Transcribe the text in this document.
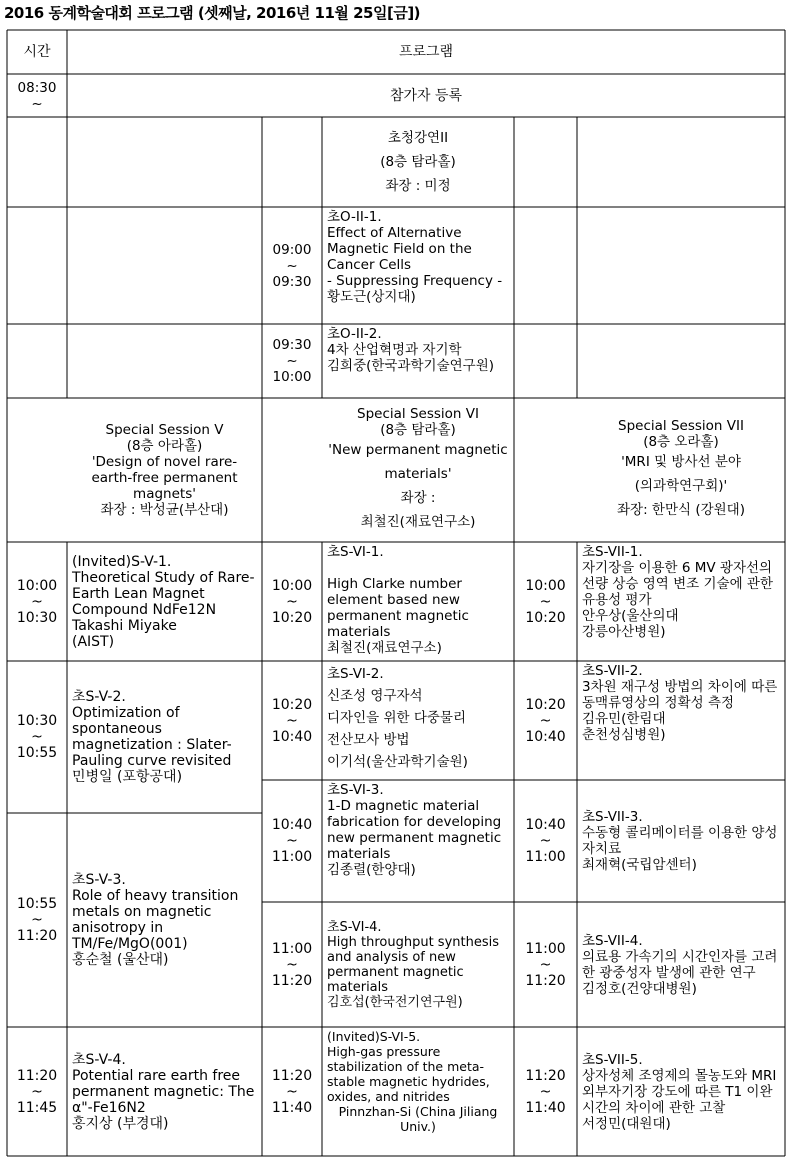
2016 동계학술대회 프로그램 (셋째날, 2016년 11월 25일[금])
시간	프로그램
08:30
~	참가자 등록
초청강연II
(8층 탐라홀)
좌장 : 미정
09:00
~
09:30
초O-II-1.
Effect of Alternative Magnetic Field on the Cancer Cells
- Suppressing Frequency -
황도근(상지대)
09:30
~
10:00
초O-II-2.
4차 산업혁명과 자기학
김희중(한국과학기술연구원)
Special Session V
(8층 아라홀)
'Design of novel rare-earth-free permanent magnets'
좌장 : 박성균(부산대)
Special Session VI
(8층 탐라홀)
'New permanent magnetic materials'
좌장 :
최철진(재료연구소)
Special Session VII
(8층 오라홀)
'MRI 및 방사선 분야
(의과학연구회)'
좌장: 한만식 (강원대)
10:00
~
10:30
(Invited)S-V-1.
Theoretical Study of Rare-Earth Lean Magnet Compound NdFe12N
Takashi Miyake
(AIST)
10:30
~
10:55
초S-V-2.
Optimization of spontaneous magnetization : Slater-Pauling curve revisited
민병일 (포항공대)
10:55
~
11:20
초S-V-3.
Role of heavy transition metals on magnetic anisotropy in TM/Fe/MgO(001)
홍순철 (울산대)
11:20
~
11:45
초S-V-4.
Potential rare earth free permanent magnetic: The α"-Fe16N2
홍지상 (부경대)
10:00
~
10:20
초S-VI-1.

High Clarke number element based new permanent magnetic materials
최철진(재료연구소)
10:20
~
10:40
초S-VI-2.
신조성 영구자석
디자인을 위한 다중물리
전산모사 방법
이기석(울산과학기술원)
10:40
~
11:00
초S-VI-3.
1-D magnetic material fabrication for developing new permanent magnetic materials
김종렬(한양대)
11:00
~
11:20
초S-VI-4.
High throughput synthesis and analysis of new permanent magnetic materials
김호섭(한국전기연구원)
11:20
~
11:40
(Invited)S-VI-5.
High-gas pressure stabilization of the meta-stable magnetic hydrides, oxides, and nitrides
Pinnzhan-Si (China Jiliang Univ.)
10:00
~
10:20
초S-VII-1.
자기장을 이용한 6 MV 광자선의 선량 상승 영역 변조 기술에 관한 유용성 평가
안우상(울산의대
강릉아산병원)
10:20
~
10:40
초S-VII-2.
3차원 재구성 방법의 차이에 따른 동맥류영상의 정확성 측정
김유민(한림대
춘천성심병원)
10:40
~
11:00
초S-VII-3.
수동형 콜리메이터를 이용한 양성자치료
최재혁(국립암센터)
11:00
~
11:20
초S-VII-4.
의료용 가속기의 시간인자를 고려한 광중성자 발생에 관한 연구
김정호(건양대병원)
11:20
~
11:40
초S-VII-5.
상자성체 조영제의 몰농도와 MRI 외부자기장 강도에 따른 T1 이완시간의 차이에 관한 고찰
서정민(대원대)
